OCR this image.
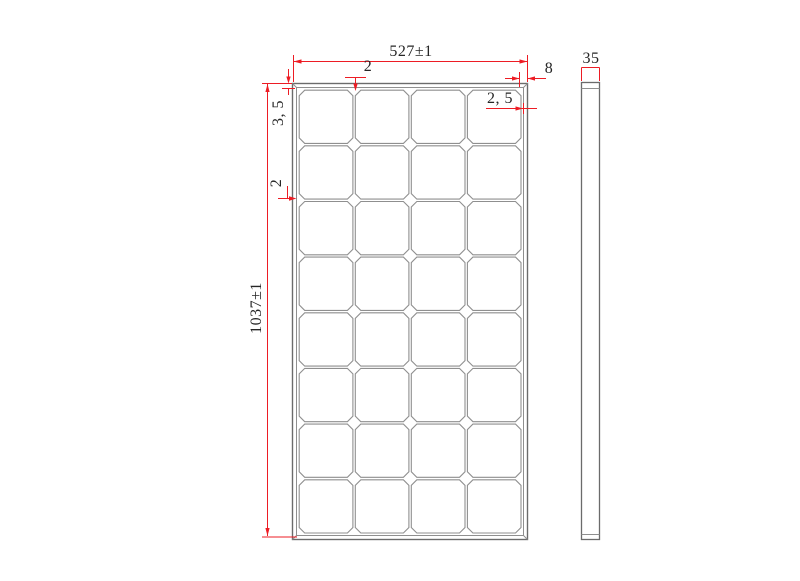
527±1
2	8
35
2, 5
3, 5
2
1037±1
